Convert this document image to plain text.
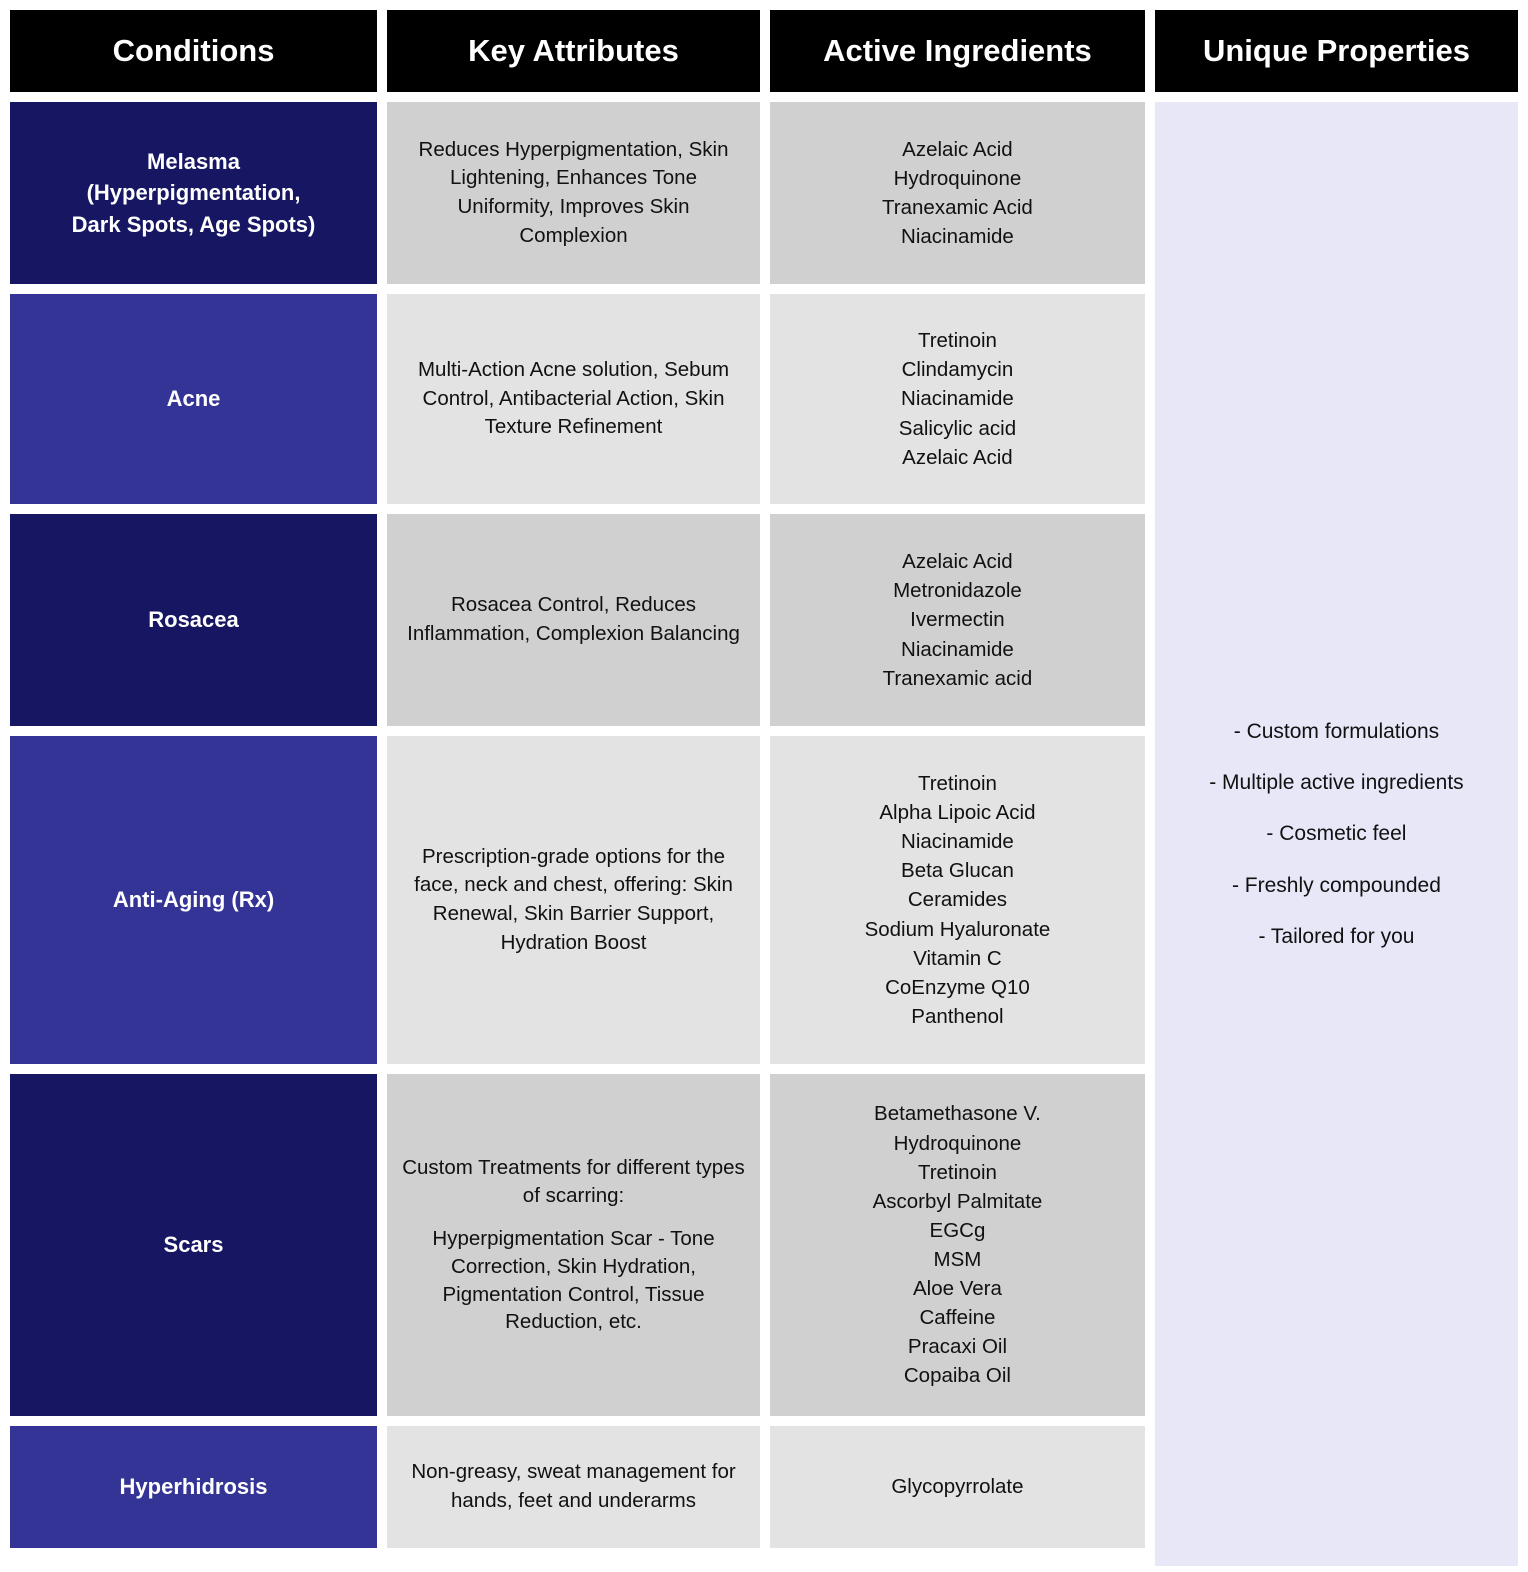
Conditions
Melasma
(Hyperpigmentation,
Dark Spots, Age Spots)
Acne
Rosacea
Anti-Aging (Rx)
Scars
Hyperhidrosis
Key Attributes
Reduces Hyperpigmentation, Skin Lightening, Enhances Tone Uniformity, Improves Skin Complexion
Multi-Action Acne solution, Sebum Control, Antibacterial Action, Skin Texture Refinement
Rosacea Control, Reduces Inflammation, Complexion Balancing
Prescription-grade options for the face, neck and chest, offering: Skin Renewal, Skin Barrier Support, Hydration Boost
Custom Treatments for different types of scarring:
Hyperpigmentation Scar - Tone Correction, Skin Hydration, Pigmentation Control, Tissue Reduction, etc.
Non-greasy, sweat management for hands, feet and underarms
Active Ingredients
Azelaic Acid
Hydroquinone
Tranexamic Acid
Niacinamide
Tretinoin
Clindamycin
Niacinamide
Salicylic acid
Azelaic Acid
Azelaic Acid
Metronidazole
Ivermectin
Niacinamide
Tranexamic acid
Tretinoin
Alpha Lipoic Acid
Niacinamide
Beta Glucan
Ceramides
Sodium Hyaluronate
Vitamin C
CoEnzyme Q10
Panthenol
Betamethasone V.
Hydroquinone
Tretinoin
Ascorbyl Palmitate
EGCg
MSM
Aloe Vera
Caffeine
Pracaxi Oil
Copaiba Oil
Glycopyrrolate
Unique Properties
- Custom formulations
- Multiple active ingredients
- Cosmetic feel
- Freshly compounded
- Tailored for you
